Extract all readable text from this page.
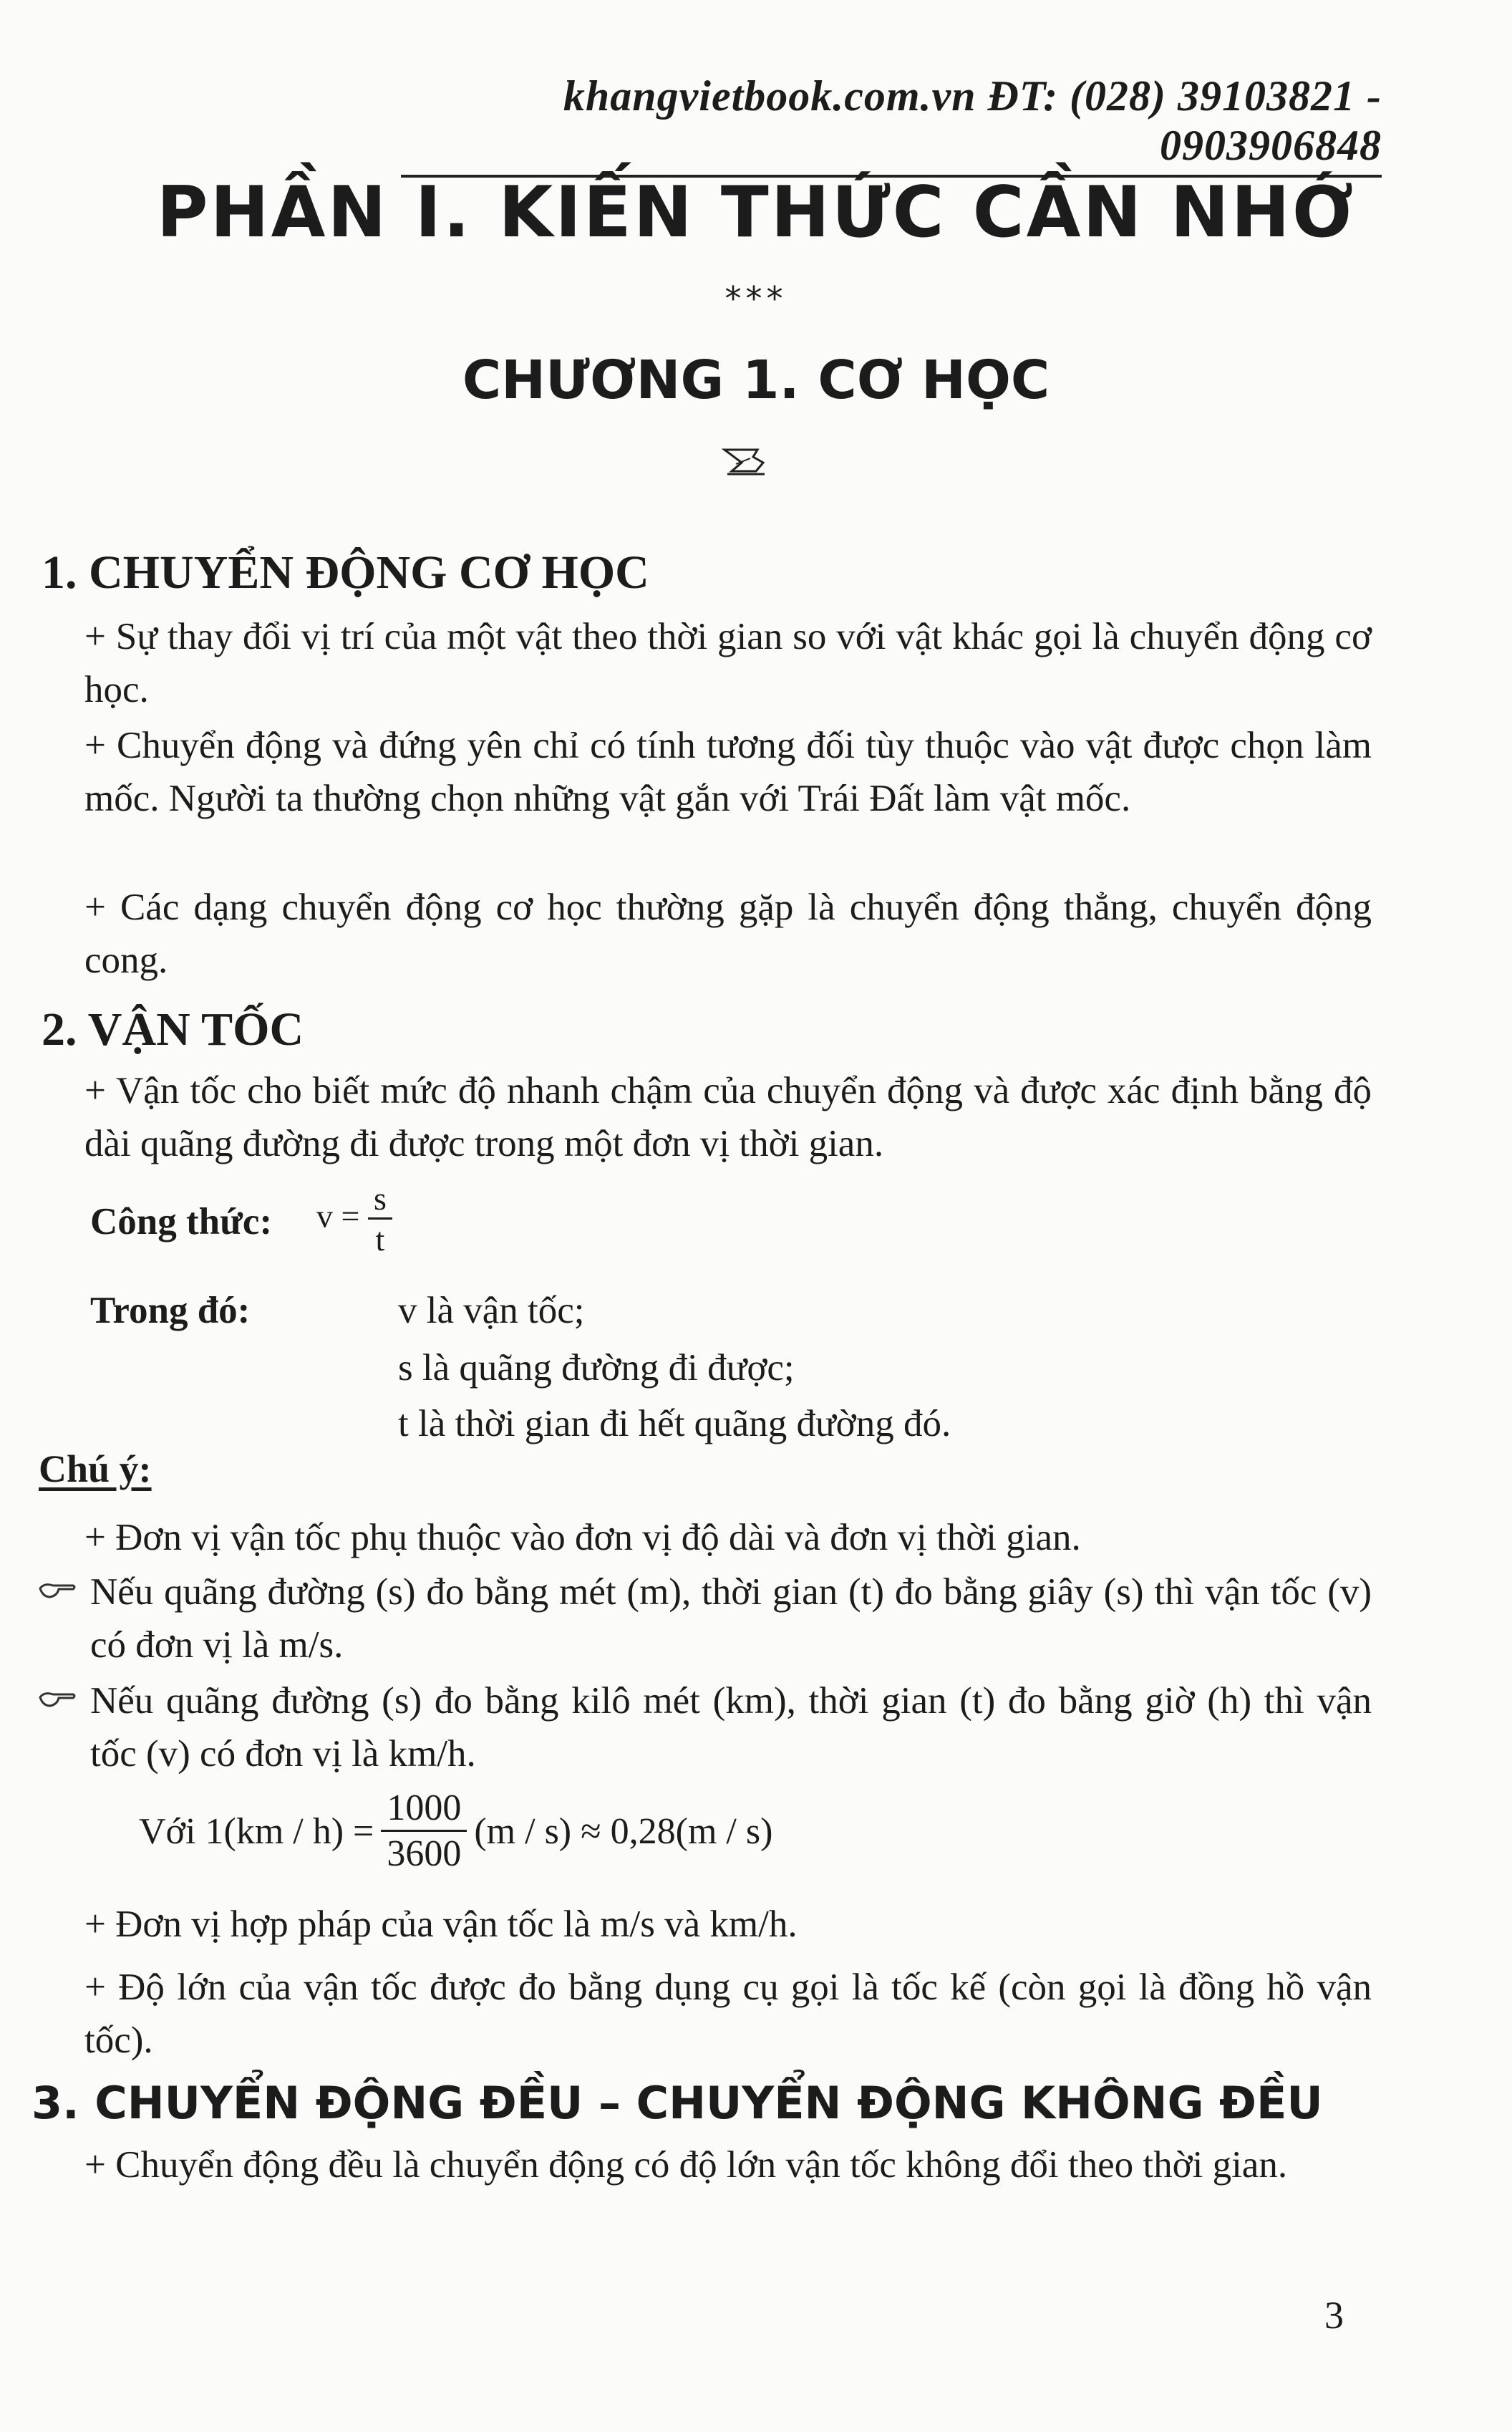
khangvietbook.com.vn ĐT: (028) 39103821 - 0903906848
PHẦN I. KIẾN THỨC CẦN NHỚ
***
CHƯƠNG 1. CƠ HỌC
1. CHUYỂN ĐỘNG CƠ HỌC
+ Sự thay đổi vị trí của một vật theo thời gian so với vật khác gọi là chuyển động cơ học.
+ Chuyển động và đứng yên chỉ có tính tương đối tùy thuộc vào vật được chọn làm mốc. Người ta thường chọn những vật gắn với Trái Đất làm vật mốc.
+ Các dạng chuyển động cơ học thường gặp là chuyển động thẳng, chuyển động cong.
2. VẬN TỐC
+ Vận tốc cho biết mức độ nhanh chậm của chuyển động và được xác định bằng độ dài quãng đường đi được trong một đơn vị thời gian.
Công thức: $v = \frac{s}{t}$
Trong đó:	v là vận tốc;
s là quãng đường đi được;
t là thời gian đi hết quãng đường đó.
Chú ý:
+ Đơn vị vận tốc phụ thuộc vào đơn vị độ dài và đơn vị thời gian.
Nếu quãng đường (s) đo bằng mét (m), thời gian (t) đo bằng giây (s) thì vận tốc (v) có đơn vị là m/s.
Nếu quãng đường (s) đo bằng kilô mét (km), thời gian (t) đo bằng giờ (h) thì vận tốc (v) có đơn vị là km/h.
Với $1(km / h) = \frac{1000}{3600} (m / s) \approx 0,28(m / s)$
+ Đơn vị hợp pháp của vận tốc là m/s và km/h.
+ Độ lớn của vận tốc được đo bằng dụng cụ gọi là tốc kế (còn gọi là đồng hồ vận tốc).
3. CHUYỂN ĐỘNG ĐỀU – CHUYỂN ĐỘNG KHÔNG ĐỀU
+ Chuyển động đều là chuyển động có độ lớn vận tốc không đổi theo thời gian.
3
